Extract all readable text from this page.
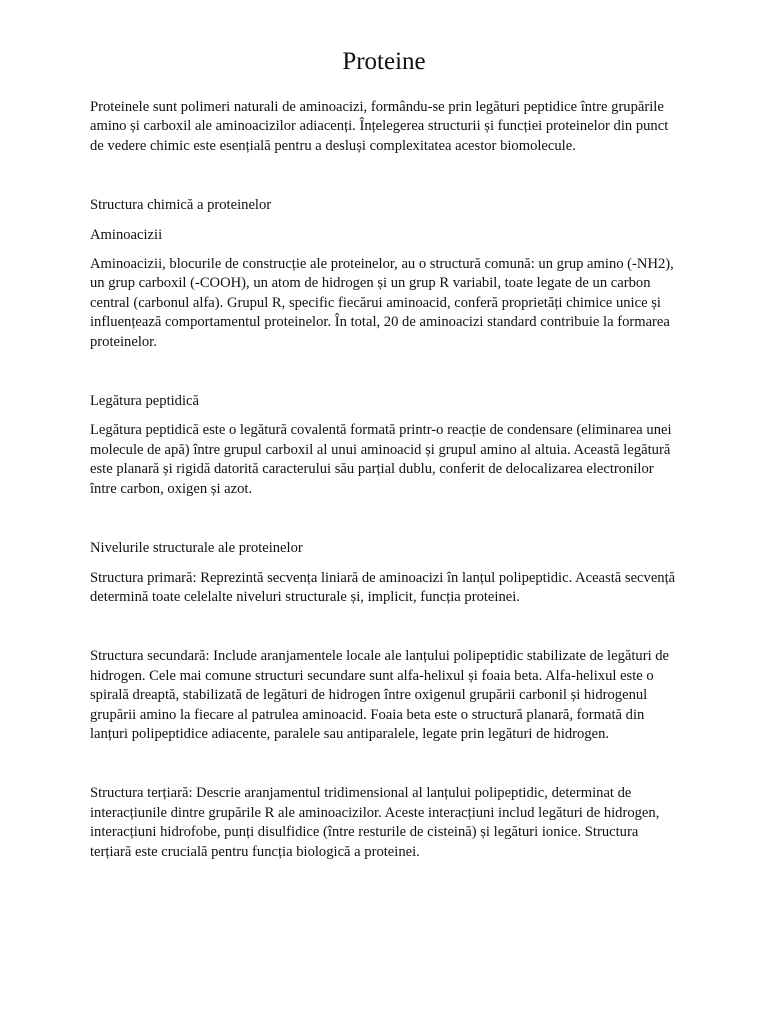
Proteine

Proteinele sunt polimeri naturali de aminoacizi, formându-se prin legături peptidice între grupările amino și carboxil ale aminoacizilor adiacenți. Înțelegerea structurii și funcției proteinelor din punct de vedere chimic este esențială pentru a desluși complexitatea acestor biomolecule.

Structura chimică a proteinelor

Aminoacizii

Aminoacizii, blocurile de construcție ale proteinelor, au o structură comună: un grup amino (-NH2), un grup carboxil (-COOH), un atom de hidrogen și un grup R variabil, toate legate de un carbon central (carbonul alfa). Grupul R, specific fiecărui aminoacid, conferă proprietăți chimice unice și influențează comportamentul proteinelor. În total, 20 de aminoacizi standard contribuie la formarea proteinelor.

Legătura peptidică

Legătura peptidică este o legătură covalentă formată printr-o reacție de condensare (eliminarea unei molecule de apă) între grupul carboxil al unui aminoacid și grupul amino al altuia. Această legătură este planară și rigidă datorită caracterului său parțial dublu, conferit de delocalizarea electronilor între carbon, oxigen și azot.

Nivelurile structurale ale proteinelor

Structura primară: Reprezintă secvența liniară de aminoacizi în lanțul polipeptidic. Această secvență determină toate celelalte niveluri structurale și, implicit, funcția proteinei.

Structura secundară: Include aranjamentele locale ale lanțului polipeptidic stabilizate de legături de hidrogen. Cele mai comune structuri secundare sunt alfa-helixul și foaia beta. Alfa-helixul este o spirală dreaptă, stabilizată de legături de hidrogen între oxigenul grupării carbonil și hidrogenul grupării amino la fiecare al patrulea aminoacid. Foaia beta este o structură planară, formată din lanțuri polipeptidice adiacente, paralele sau antiparalele, legate prin legături de hidrogen.

Structura terțiară: Descrie aranjamentul tridimensional al lanțului polipeptidic, determinat de interacțiunile dintre grupările R ale aminoacizilor. Aceste interacțiuni includ legături de hidrogen, interacțiuni hidrofobe, punți disulfidice (între resturile de cisteină) și legături ionice. Structura terțiară este crucială pentru funcția biologică a proteinei.
